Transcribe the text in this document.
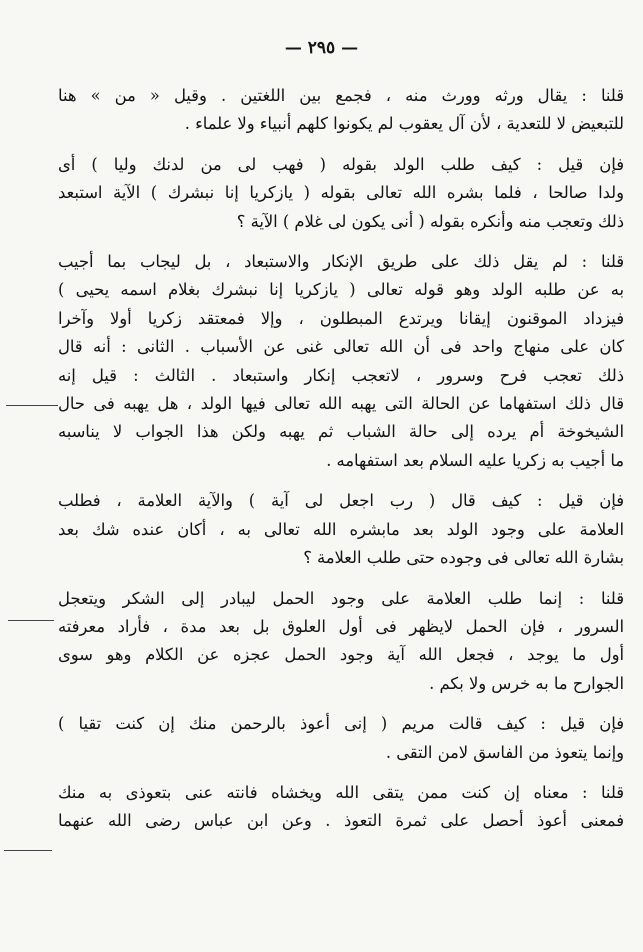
— ٢٩٥ —
قلنا : يقال ورثه وورث منه ، فجمع بين اللغتين . وقيل « من » هنا
للتبعيض لا للتعدية ، لأن آل يعقوب لم يكونوا كلهم أنبياء ولا علماء .
فإن قيل : كيف طلب الولد بقوله ( فهب لى من لدنك وليا ) أى
ولدا صالحا ، فلما بشره الله تعالى بقوله ( يازكريا إنا نبشرك ) الآية استبعد
ذلك وتعجب منه وأنكره بقوله ( أنى يكون لى غلام ) الآية ؟
قلنا : لم يقل ذلك على طريق الإنكار والاستبعاد ، بل ليجاب بما أجيب
به عن طلبه الولد وهو قوله تعالى ( يازكريا إنا نبشرك بغلام اسمه يحيى )
فيزداد الموقنون إيقانا ويرتدع المبطلون ، وإلا فمعتقد زكريا أولا وآخرا
كان على منهاج واحد فى أن الله تعالى غنى عن الأسباب . الثانى : أنه قال
ذلك تعجب فرح وسرور ، لاتعجب إنكار واستبعاد . الثالث : قيل إنه
قال ذلك استفهاما عن الحالة التى يهبه الله تعالى فيها الولد ، هل يهبه فى حال
الشيخوخة أم يرده إلى حالة الشباب ثم يهبه ولكن هذا الجواب لا يناسبه
ما أجيب به زكريا عليه السلام بعد استفهامه .
فإن قيل : كيف قال ( رب اجعل لى آية ) والآية العلامة ، فطلب
العلامة على وجود الولد بعد مابشره الله تعالى به ، أكان عنده شك بعد
بشارة الله تعالى فى وجوده حتى طلب العلامة ؟
قلنا : إنما طلب العلامة على وجود الحمل ليبادر إلى الشكر ويتعجل
السرور ، فإن الحمل لايظهر فى أول العلوق بل بعد مدة ، فأراد معرفته
أول ما يوجد ، فجعل الله آية وجود الحمل عجزه عن الكلام وهو سوى
الجوارح ما به خرس ولا بكم .
فإن قيل : كيف قالت مريم ( إنى أعوذ بالرحمن منك إن كنت تقيا )
وإنما يتعوذ من الفاسق لامن التقى .
قلنا : معناه إن كنت ممن يتقى الله ويخشاه فانته عنى بتعوذى به منك
فمعنى أعوذ أحصل على ثمرة التعوذ . وعن ابن عباس رضى الله عنهما
